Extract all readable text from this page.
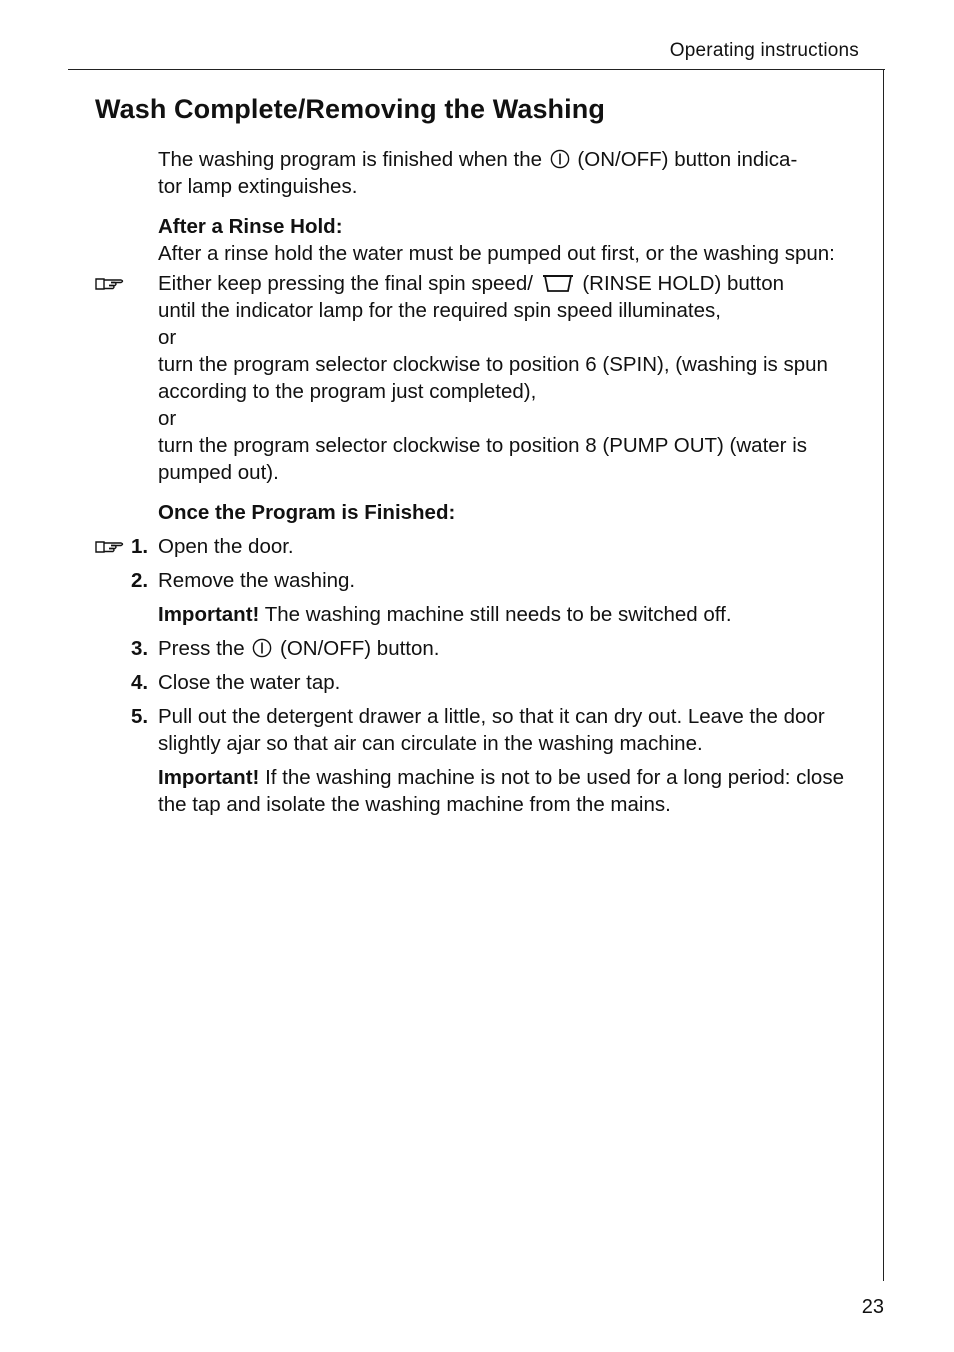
Operating instructions
Wash Complete/Removing the Washing

The washing program is finished when the (ON/OFF) button indica-
tor lamp extinguishes.

After a Rinse Hold:

After a rinse hold the water must be pumped out first, or the washing spun:

Either keep pressing the final spin speed/ (RINSE HOLD) button
until the indicator lamp for the required spin speed illuminates,
or
turn the program selector clockwise to position 6 (SPIN), (washing is spun according to the program just completed),
or
turn the program selector clockwise to position 8 (PUMP OUT) (water is pumped out).

Once the Program is Finished:

1. Open the door.
2. Remove the washing.
Important! The washing machine still needs to be switched off.
3. Press the (ON/OFF) button.
4. Close the water tap.
5. Pull out the detergent drawer a little, so that it can dry out. Leave the door slightly ajar so that air can circulate in the washing machine.
Important! If the washing machine is not to be used for a long period: close the tap and isolate the washing machine from the mains.
23
